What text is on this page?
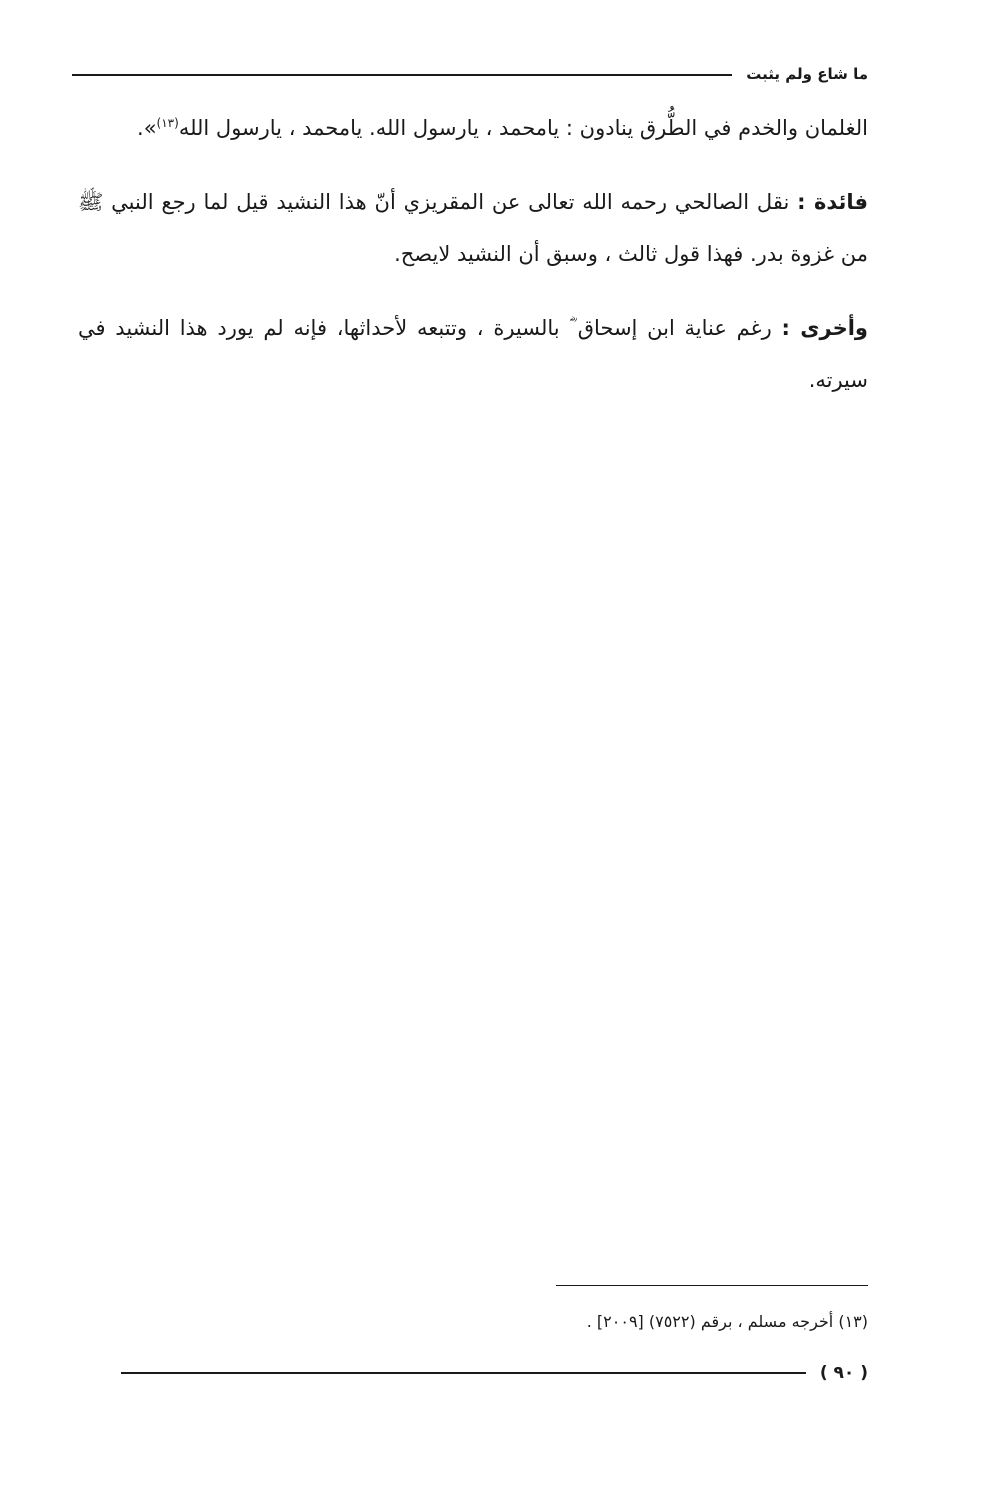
ما شاع ولم يثبت

الغلمان والخدم في الطُّرق ينادون : يامحمد ، يارسول الله. يامحمد ، يارسول الله$^{(١٣)}$».

فائدة : نقل الصالحي رحمه الله تعالى عن المقريزي أنّ هذا النشيد قيل لما رجع النبي ﷺ من غزوة بدر. فهذا قول ثالث ، وسبق أن النشيد لايصح.

وأخرى : رغم عناية ابن إسحاق ؓ بالسيرة ، وتتبعه لأحداثها، فإنه لم يورد هذا النشيد في سيرته.

(١٣) أخرجه مسلم ، برقم (٧٥٢٢) [٢٠٠٩] .
( ٩٠ )
